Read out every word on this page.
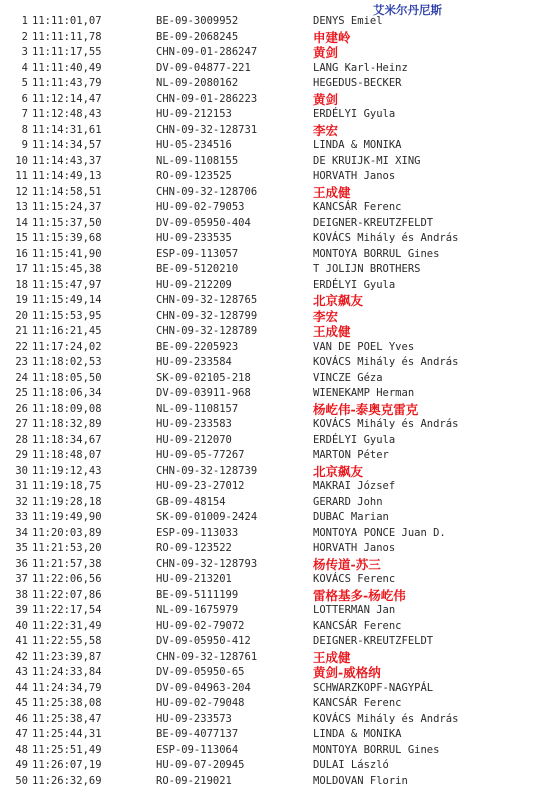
艾米尔丹尼斯
1 11:11:01,07	BE-09-3009952	DENYS Emiel
2 11:11:11,78	BE-09-2068245	申建岭
3 11:11:17,55	CHN-09-01-286247	黄剑
4 11:11:40,49	DV-09-04877-221	LANG Karl-Heinz
5 11:11:43,79	NL-09-2080162	HEGEDUS-BECKER
6 11:12:14,47	CHN-09-01-286223	黄剑
7 11:12:48,43	HU-09-212153	ERDÉLYI Gyula
8 11:14:31,61	CHN-09-32-128731	李宏
9 11:14:34,57	HU-05-234516	LINDA & MONIKA
10 11:14:43,37	NL-09-1108155	DE KRUIJK-MI XING
11 11:14:49,13	RO-09-123525	HORVATH Janos
12 11:14:58,51	CHN-09-32-128706	王成健
13 11:15:24,37	HU-09-02-79053	KANCSÁR Ferenc
14 11:15:37,50	DV-09-05950-404	DEIGNER-KREUTZFELDT
15 11:15:39,68	HU-09-233535	KOVÁCS Mihály és András
16 11:15:41,90	ESP-09-113057	MONTOYA BORRUL Gines
17 11:15:45,38	BE-09-5120210	T JOLIJN BROTHERS
18 11:15:47,97	HU-09-212209	ERDÉLYI Gyula
19 11:15:49,14	CHN-09-32-128765	北京飙友
20 11:15:53,95	CHN-09-32-128799	李宏
21 11:16:21,45	CHN-09-32-128789	王成健
22 11:17:24,02	BE-09-2205923	VAN DE POEL Yves
23 11:18:02,53	HU-09-233584	KOVÁCS Mihály és András
24 11:18:05,50	SK-09-02105-218	VINCZE Géza
25 11:18:06,34	DV-09-03911-968	WIENEKAMP Herman
26 11:18:09,08	NL-09-1108157	杨屹伟-泰奥克雷克
27 11:18:32,89	HU-09-233583	KOVÁCS Mihály és András
28 11:18:34,67	HU-09-212070	ERDÉLYI Gyula
29 11:18:48,07	HU-09-05-77267	MARTON Péter
30 11:19:12,43	CHN-09-32-128739	北京飙友
31 11:19:18,75	HU-09-23-27012	MAKRAI József
32 11:19:28,18	GB-09-48154	GERARD John
33 11:19:49,90	SK-09-01009-2424	DUBAC Marian
34 11:20:03,89	ESP-09-113033	MONTOYA PONCE Juan D.
35 11:21:53,20	RO-09-123522	HORVATH Janos
36 11:21:57,38	CHN-09-32-128793	杨传道-苏三
37 11:22:06,56	HU-09-213201	KOVÁCS Ferenc
38 11:22:07,86	BE-09-5111199	雷格基多-杨屹伟
39 11:22:17,54	NL-09-1675979	LOTTERMAN Jan
40 11:22:31,49	HU-09-02-79072	KANCSÁR Ferenc
41 11:22:55,58	DV-09-05950-412	DEIGNER-KREUTZFELDT
42 11:23:39,87	CHN-09-32-128761	王成健
43 11:24:33,84	DV-09-05950-65	黄剑-威格纳
44 11:24:34,79	DV-09-04963-204	SCHWARZKOPF-NAGYPÁL
45 11:25:38,08	HU-09-02-79048	KANCSÁR Ferenc
46 11:25:38,47	HU-09-233573	KOVÁCS Mihály és András
47 11:25:44,31	BE-09-4077137	LINDA & MONIKA
48 11:25:51,49	ESP-09-113064	MONTOYA BORRUL Gines
49 11:26:07,19	HU-09-07-20945	DULAI László
50 11:26:32,69	RO-09-219021	MOLDOVAN Florin
